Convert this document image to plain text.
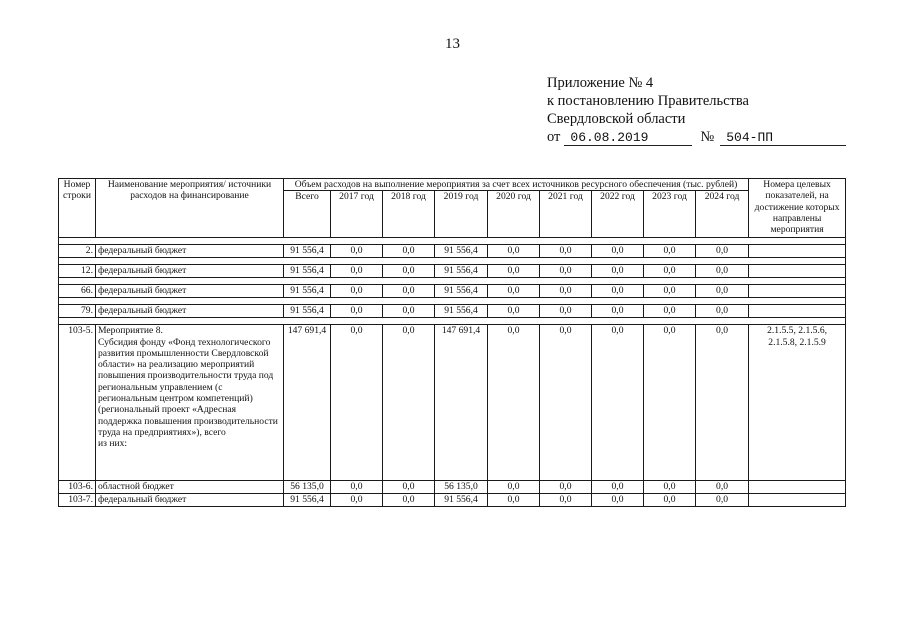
13
Приложение № 4
к постановлению Правительства
Свердловской области
от 06.08.2019	№ 504-ПП
Номер строки	Наименование мероприятия/ источники расходов на финансирование	Объем расходов на выполнение мероприятия за счет всех источников ресурсного обеспечения (тыс. рублей)									Номера целевых показателей, на достижение которых направлены мероприятия
		Всего	2017 год	2018 год	2019 год	2020 год	2021 год	2022 год	2023 год	2024 год	

2.	федеральный бюджет	91 556,4	0,0	0,0	91 556,4	0,0	0,0	0,0	0,0	0,0	

12.	федеральный бюджет	91 556,4	0,0	0,0	91 556,4	0,0	0,0	0,0	0,0	0,0	

66.	федеральный бюджет	91 556,4	0,0	0,0	91 556,4	0,0	0,0	0,0	0,0	0,0	

79.	федеральный бюджет	91 556,4	0,0	0,0	91 556,4	0,0	0,0	0,0	0,0	0,0	

103-5.	Мероприятие 8.
Субсидия фонду «Фонд технологического развития промышленности Свердловской области» на реализацию мероприятий повышения производительности труда под региональным управлением (с региональным центром компетенций) (региональный проект «Адресная поддержка повышения производительности труда на предприятиях»), всего
из них:	147 691,4	0,0	0,0	147 691,4	0,0	0,0	0,0	0,0	0,0	2.1.5.5, 2.1.5.6,
2.1.5.8, 2.1.5.9
103-6.	областной бюджет	56 135,0	0,0	0,0	56 135,0	0,0	0,0	0,0	0,0	0,0	
103-7.	федеральный бюджет	91 556,4	0,0	0,0	91 556,4	0,0	0,0	0,0	0,0	0,0	
